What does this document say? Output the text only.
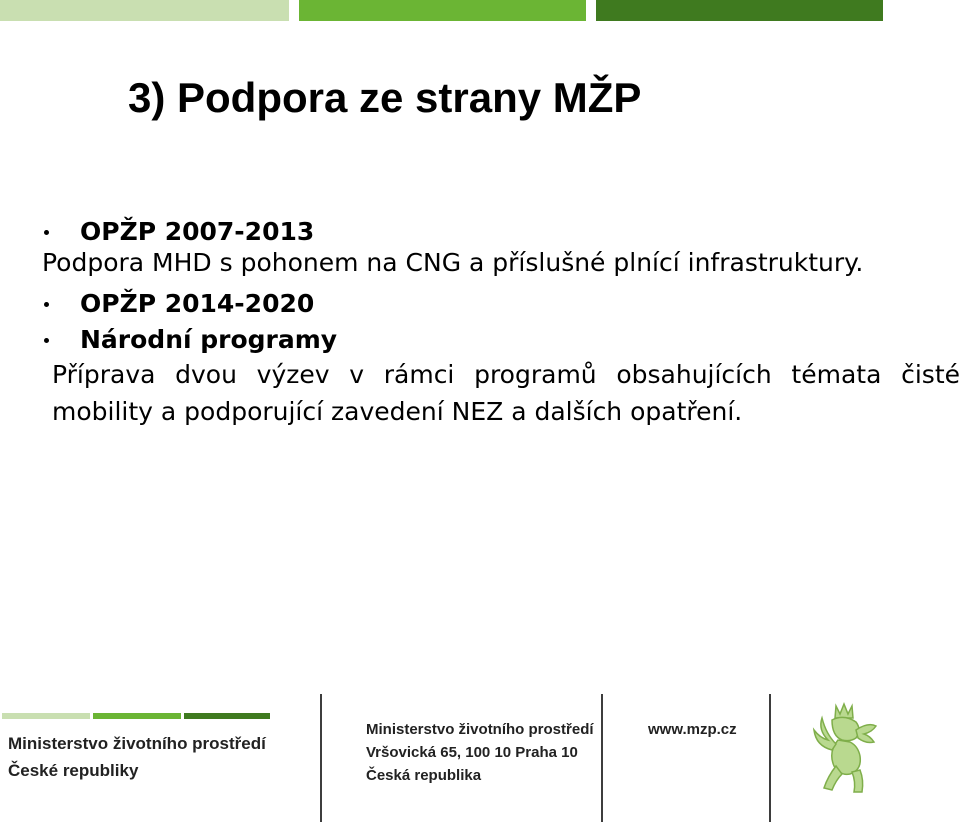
3) Podpora ze strany MŽP
OPŽP 2007-2013

Podpora MHD s pohonem na CNG a příslušné plnící infrastruktury.

OPŽP 2014-2020
Národní programy

Příprava dvou výzev v rámci programů obsahujících témata čisté mobility a podporující zavedení NEZ a dalších opatření.

Ministerstvo životního prostředí
České republiky
Ministerstvo životního prostředí
Vršovická 65, 100 10 Praha 10
Česká republika
www.mzp.cz
